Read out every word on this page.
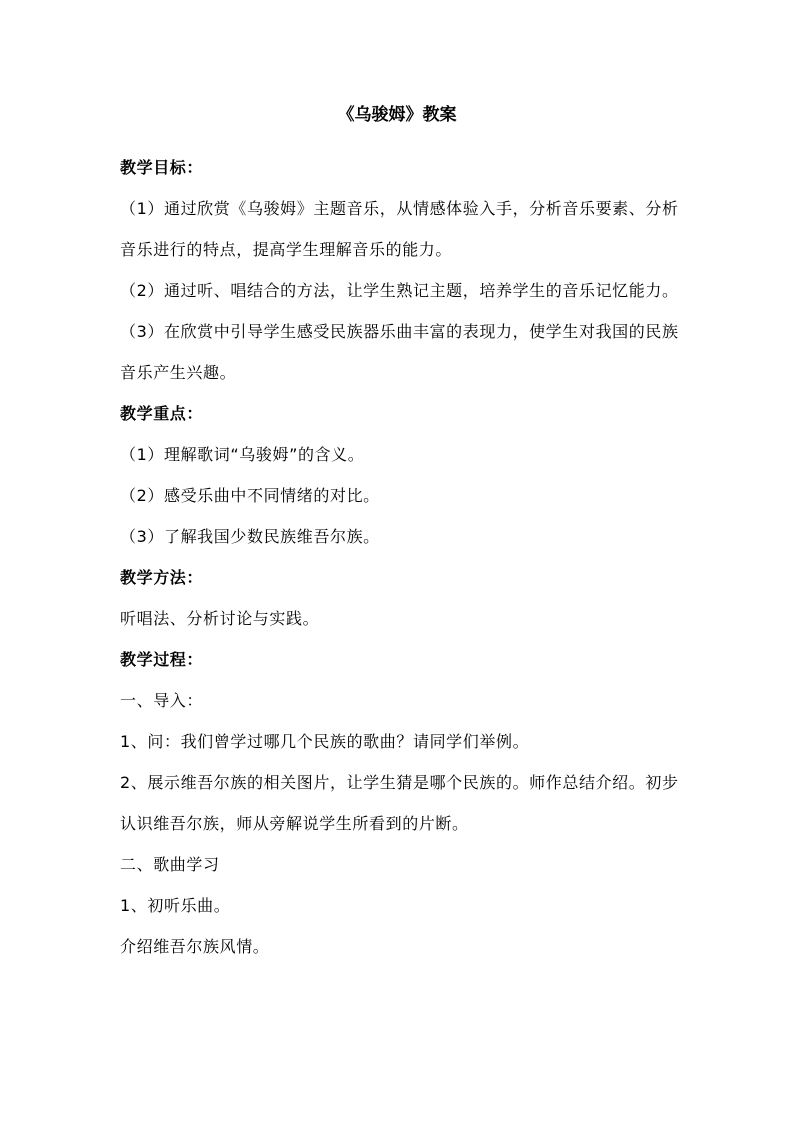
《乌骏姆》教案

教学目标：

（1）通过欣赏《乌骏姆》主题音乐，从情感体验入手，分析音乐要素、分析音乐进行的特点，提高学生理解音乐的能力。

（2）通过听、唱结合的方法，让学生熟记主题，培养学生的音乐记忆能力。

（3）在欣赏中引导学生感受民族器乐曲丰富的表现力，使学生对我国的民族音乐产生兴趣。

教学重点：

（1）理解歌词“乌骏姆”的含义。

（2）感受乐曲中不同情绪的对比。

（3）了解我国少数民族维吾尔族。

教学方法：

听唱法、分析讨论与实践。

教学过程：

一、导入：

1、问：我们曾学过哪几个民族的歌曲？请同学们举例。

2、展示维吾尔族的相关图片，让学生猜是哪个民族的。师作总结介绍。初步认识维吾尔族，师从旁解说学生所看到的片断。

二、歌曲学习

1、初听乐曲。

介绍维吾尔族风情。
